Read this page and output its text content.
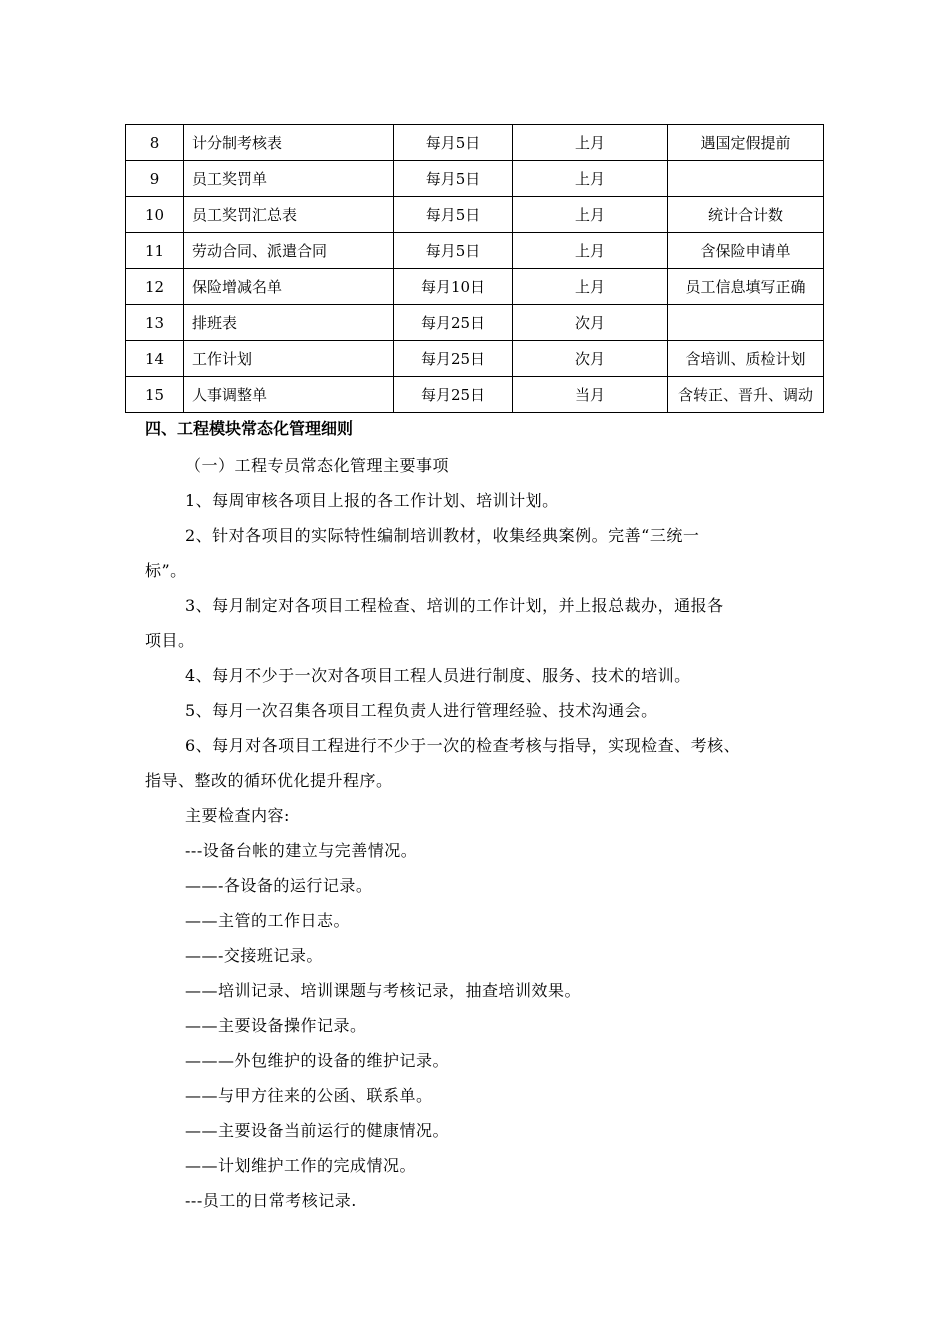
8	计分制考核表	每月5日	上月	遇国定假提前
9	员工奖罚单	每月5日	上月	
10	员工奖罚汇总表	每月5日	上月	统计合计数
11	劳动合同、派遣合同	每月5日	上月	含保险申请单
12	保险增减名单	每月10日	上月	员工信息填写正确
13	排班表	每月25日	次月	
14	工作计划	每月25日	次月	含培训、质检计划
15	人事调整单	每月25日	当月	含转正、晋升、调动
四、工程模块常态化管理细则
（一）工程专员常态化管理主要事项
1、每周审核各项目上报的各工作计划、培训计划。
2、针对各项目的实际特性编制培训教材，收集经典案例。完善“三统一
标”。
3、每月制定对各项目工程检查、培训的工作计划，并上报总裁办，通报各
项目。
4、每月不少于一次对各项目工程人员进行制度、服务、技术的培训。
5、每月一次召集各项目工程负责人进行管理经验、技术沟通会。
6、每月对各项目工程进行不少于一次的检查考核与指导，实现检查、考核、
指导、整改的循环优化提升程序。
主要检查内容:
---设备台帐的建立与完善情况。
——-各设备的运行记录。
——主管的工作日志。
——-交接班记录。
——培训记录、培训课题与考核记录，抽查培训效果。
——主要设备操作记录。
———外包维护的设备的维护记录。
——与甲方往来的公函、联系单。
——主要设备当前运行的健康情况。
——计划维护工作的完成情况。
---员工的日常考核记录.
